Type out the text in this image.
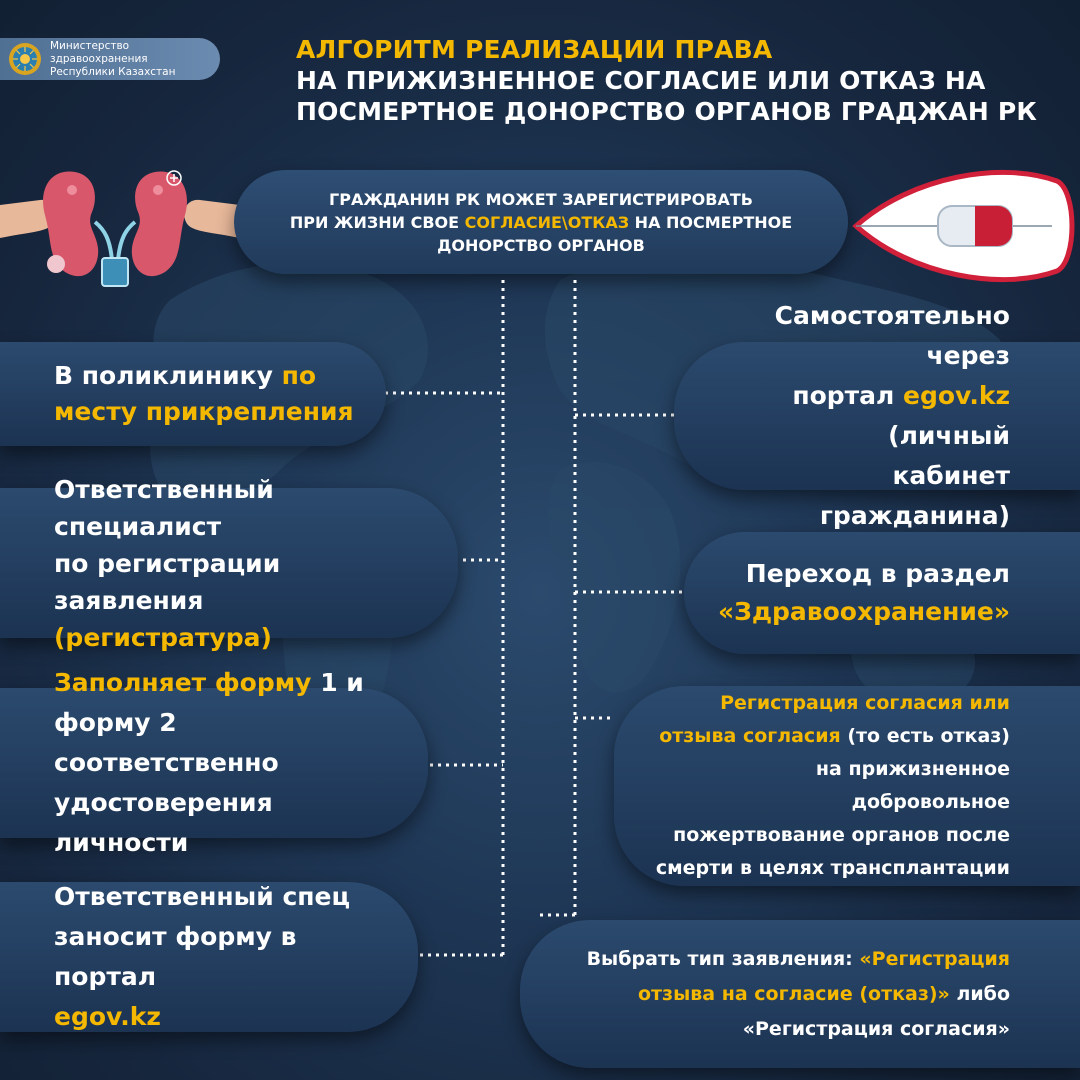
Министерство здравоохранения
Республики Казахстан
АЛГОРИТМ РЕАЛИЗАЦИИ ПРАВА
НА ПРИЖИЗНЕННОЕ СОГЛАСИЕ ИЛИ ОТКАЗ НА
ПОСМЕРТНОЕ ДОНОРСТВО ОРГАНОВ ГРАДЖАН РК
ГРАЖДАНИН РК МОЖЕТ ЗАРЕГИСТРИРОВАТЬ
ПРИ ЖИЗНИ СВОЕ СОГЛАСИЕ\ОТКАЗ НА ПОСМЕРТНОЕ
ДОНОРСТВО ОРГАНОВ
В поликлинику по
месту прикрепления
Ответственный специалист
по регистрации заявления
(регистратура)
Заполняет форму 1 и
форму 2 соответственно
удостоверения личности
Ответственный спец
заносит форму в портал
egov.kz
Самостоятельно через
портал egov.kz (личный
кабинет гражданина)
Переход в раздел
«Здравоохранение»
Регистрация согласия или
отзыва согласия (то есть отказ)
на прижизненное добровольное
пожертвование органов после
смерти в целях трансплантации
Выбрать тип заявления: «Регистрация
отзыва на согласие (отказ)» либо
«Регистрация согласия»
